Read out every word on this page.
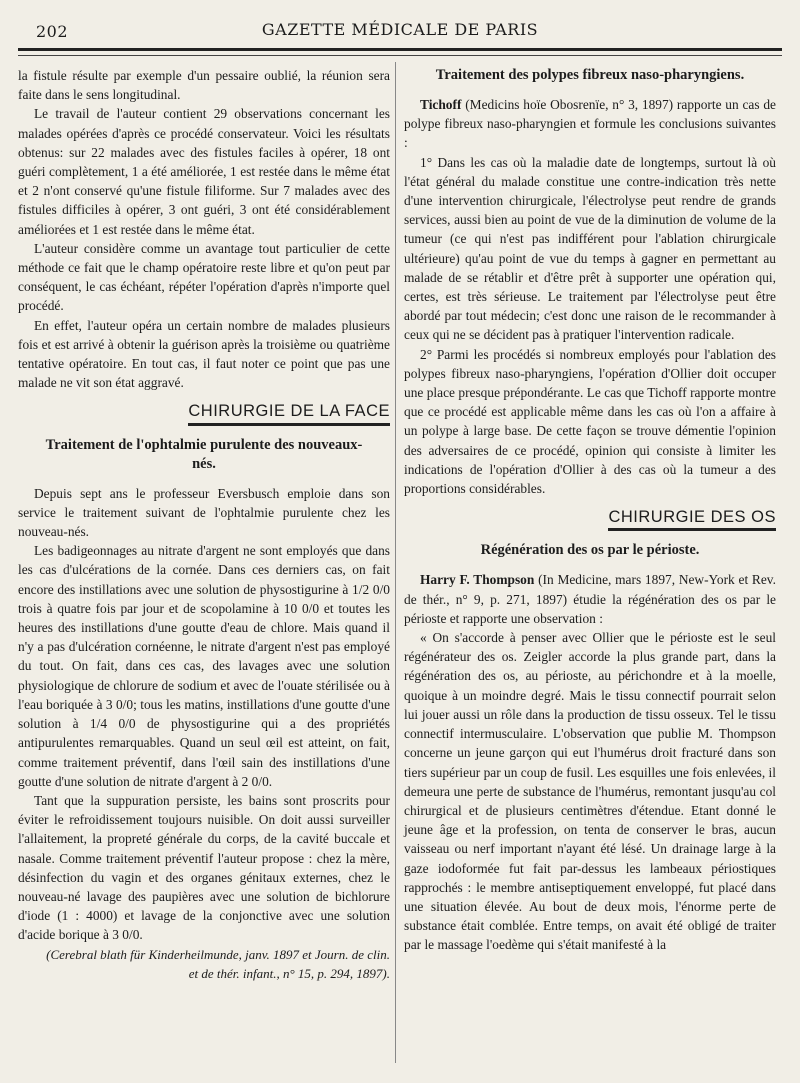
202	GAZETTE MÉDICALE DE PARIS

la fistule résulte par exemple d'un pessaire oublié, la réunion sera faite dans le sens longitudinal.

Le travail de l'auteur contient 29 observations concernant les malades opérées d'après ce procédé conservateur. Voici les résultats obtenus: sur 22 malades avec des fistules faciles à opérer, 18 ont guéri complètement, 1 a été améliorée, 1 est restée dans le même état et 2 n'ont conservé qu'une fistule filiforme. Sur 7 malades avec des fistules difficiles à opérer, 3 ont guéri, 3 ont été considérablement améliorées et 1 est restée dans le même état.

L'auteur considère comme un avantage tout particulier de cette méthode ce fait que le champ opératoire reste libre et qu'on peut par conséquent, le cas échéant, répéter l'opération d'après n'importe quel procédé.

En effet, l'auteur opéra un certain nombre de malades plusieurs fois et est arrivé à obtenir la guérison après la troisième ou quatrième tentative opératoire. En tout cas, il faut noter ce point que pas une malade ne vit son état aggravé.

CHIRURGIE DE LA FACE
Traitement de l'ophtalmie purulente des nouveaux-nés.

Depuis sept ans le professeur Eversbusch emploie dans son service le traitement suivant de l'ophtalmie purulente chez les nouveau-nés.

Les badigeonnages au nitrate d'argent ne sont employés que dans les cas d'ulcérations de la cornée. Dans ces derniers cas, on fait encore des instillations avec une solution de physostigurine à 1/2 0/0 trois à quatre fois par jour et de scopolamine à 10 0/0 et toutes les heures des instillations d'une goutte d'eau de chlore. Mais quand il n'y a pas d'ulcération cornéenne, le nitrate d'argent n'est pas employé du tout. On fait, dans ces cas, des lavages avec une solution physiologique de chlorure de sodium et avec de l'ouate stérilisée ou à l'eau boriquée à 3 0/0; tous les matins, instillations d'une goutte d'une solution à 1/4 0/0 de physostigurine qui a des propriétés antipurulentes remarquables. Quand un seul œil est atteint, on fait, comme traitement préventif, dans l'œil sain des instillations d'une goutte d'une solution de nitrate d'argent à 2 0/0.

Tant que la suppuration persiste, les bains sont proscrits pour éviter le refroidissement toujours nuisible. On doit aussi surveiller l'allaitement, la propreté générale du corps, de la cavité buccale et nasale. Comme traitement préventif l'auteur propose : chez la mère, désinfection du vagin et des organes génitaux externes, chez le nouveau-né lavage des paupières avec une solution de bichlorure d'iode (1 : 4000) et lavage de la conjonctive avec une solution d'acide borique à 3 0/0.

(Cerebral blath für Kinderheilmunde, janv. 1897 et Journ. de clin. et de thér. infant., n° 15, p. 294, 1897).

Traitement des polypes fibreux naso-pharyngiens.

Tichoff (Medicins hoïe Obosrenïe, n° 3, 1897) rapporte un cas de polype fibreux naso-pharyngien et formule les conclusions suivantes :

1° Dans les cas où la maladie date de longtemps, surtout là où l'état général du malade constitue une contre-indication très nette d'une intervention chirurgicale, l'électrolyse peut rendre de grands services, aussi bien au point de vue de la diminution de volume de la tumeur (ce qui n'est pas indifférent pour l'ablation chirurgicale ultérieure) qu'au point de vue du temps à gagner en permettant au malade de se rétablir et d'être prêt à supporter une opération qui, certes, est très sérieuse. Le traitement par l'électrolyse peut être abordé par tout médecin; c'est donc une raison de le recommander à ceux qui ne se décident pas à pratiquer l'intervention radicale.

2° Parmi les procédés si nombreux employés pour l'ablation des polypes fibreux naso-pharyngiens, l'opération d'Ollier doit occuper une place presque prépondérante. Le cas que Tichoff rapporte montre que ce procédé est applicable même dans les cas où l'on a affaire à un polype à large base. De cette façon se trouve démentie l'opinion des adversaires de ce procédé, opinion qui consiste à limiter les indications de l'opération d'Ollier à des cas où la tumeur a des proportions considérables.

CHIRURGIE DES OS
Régénération des os par le périoste.

Harry F. Thompson (In Medicine, mars 1897, New-York et Rev. de thér., n° 9, p. 271, 1897) étudie la régénération des os par le périoste et rapporte une observation :

« On s'accorde à penser avec Ollier que le périoste est le seul régénérateur des os. Zeigler accorde la plus grande part, dans la régénération des os, au périoste, au périchondre et à la moelle, quoique à un moindre degré. Mais le tissu connectif pourrait selon lui jouer aussi un rôle dans la production de tissu osseux. Tel le tissu connectif intermusculaire. L'observation que publie M. Thompson concerne un jeune garçon qui eut l'humérus droit fracturé dans son tiers supérieur par un coup de fusil. Les esquilles une fois enlevées, il demeura une perte de substance de l'humérus, remontant jusqu'au col chirurgical et de plusieurs centimètres d'étendue. Etant donné le jeune âge et la profession, on tenta de conserver le bras, aucun vaisseau ou nerf important n'ayant été lésé. Un drainage large à la gaze iodoformée fut fait par-dessus les lambeaux périostiques rapprochés : le membre antiseptiquement enveloppé, fut placé dans une situation élevée. Au bout de deux mois, l'énorme perte de substance était comblée. Entre temps, on avait été obligé de traiter par le massage l'oedème qui s'était manifesté à la
